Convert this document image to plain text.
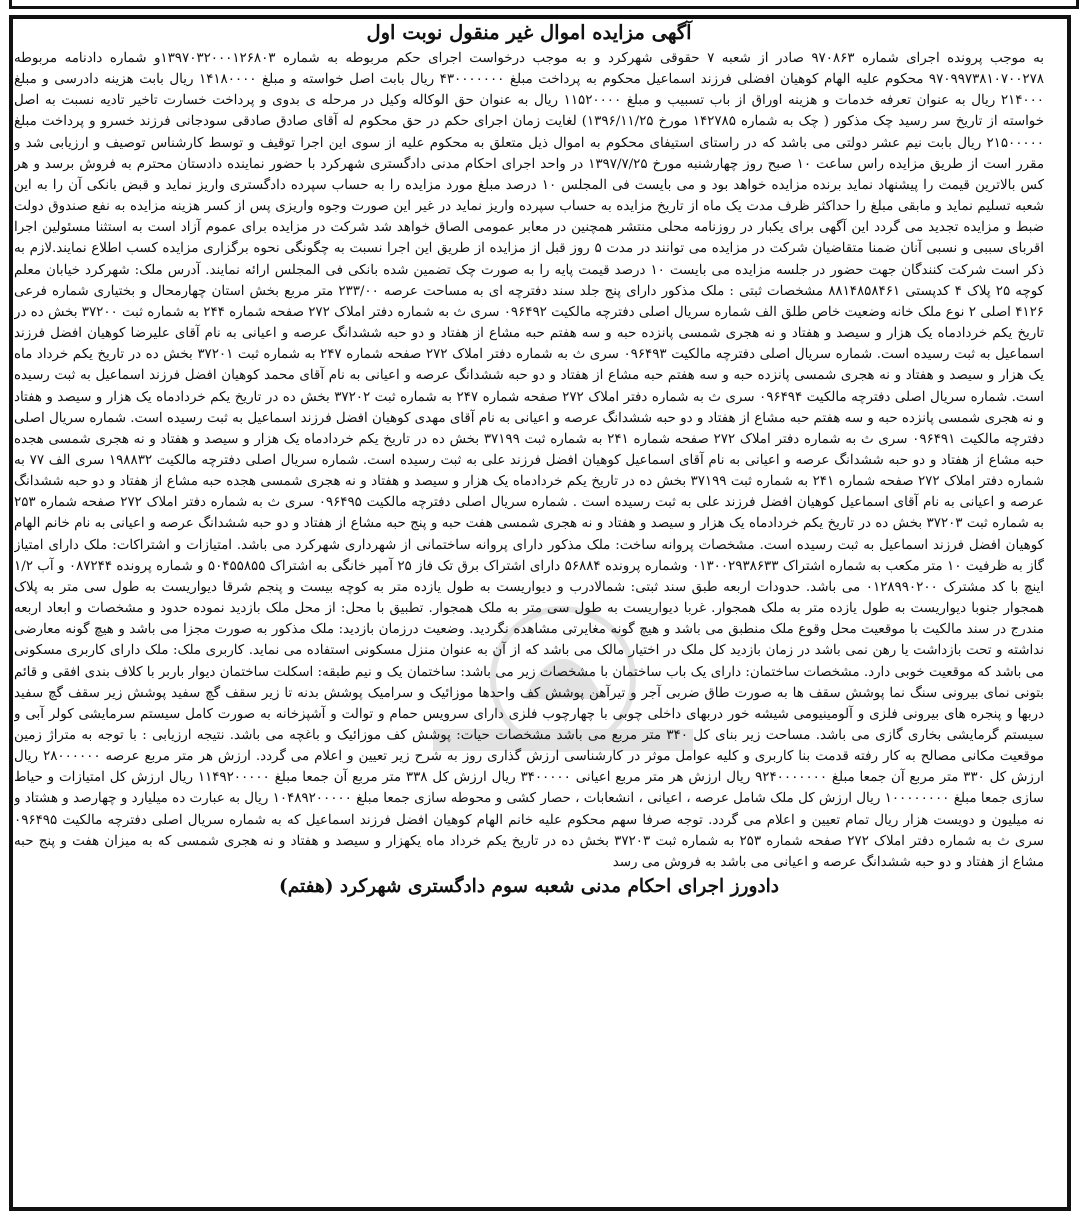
آگهی مزایده اموال غیر منقول نوبت اول

به موجب پرونده اجرای شماره ۹۷۰۸۶۳ صادر از شعبه ۷ حقوقی شهرکرد و به موجب درخواست اجرای حکم مربوطه به شماره ۱۳۹۷۰۳۲۰۰۰۱۲۶۸۰۳و شماره دادنامه مربوطه ۹۷۰۹۹۷۳۸۱۰۷۰۰۲۷۸ محکوم علیه الهام کوهیان افضلی فرزند اسماعیل محکوم به پرداخت مبلغ ۴۳۰۰۰۰۰۰۰ ریال بابت اصل خواسته و مبلغ ۱۴۱۸۰۰۰۰ ریال بابت هزینه دادرسی و مبلغ ۲۱۴۰۰۰ ریال به عنوان تعرفه خدمات و هزینه اوراق از باب تسبیب و مبلغ ۱۱۵۲۰۰۰۰ ریال به عنوان حق الوکاله وکیل در مرحله ی بدوی و پرداخت خسارت تاخیر تادیه نسبت به اصل خواسته از تاریخ سر رسید چک مذکور ( چک به شماره ۱۴۲۷۸۵ مورخ ۱۳۹۶/۱۱/۲۵) لغایت زمان اجرای حکم در حق محکوم له آقای صادق صادقی سودجانی فرزند خسرو و پرداخت مبلغ ۲۱۵۰۰۰۰۰ ریال بابت نیم عشر دولتی می باشد که در راستای استیفای محکوم به اموال ذیل متعلق به محکوم علیه از سوی این اجرا توقیف و توسط کارشناس توصیف و ارزیابی شد و مقرر است از طریق مزایده راس ساعت ۱۰ صبح روز چهارشنبه مورخ ۱۳۹۷/۷/۲۵ در واحد اجرای احکام مدنی دادگستری شهرکرد با حضور نماینده دادستان محترم به فروش برسد و هر کس بالاترین قیمت را پیشنهاد نماید برنده مزایده خواهد بود و می بایست فی المجلس ۱۰ درصد مبلغ مورد مزایده را به حساب سپرده دادگستری واریز نماید و قبض بانکی آن را به این شعبه تسلیم نماید و مابقی مبلغ را حداکثر ظرف مدت یک ماه از تاریخ مزایده به حساب سپرده واریز نماید در غیر این صورت وجوه واریزی پس از کسر هزینه مزایده به نفع صندوق دولت ضبط و مزایده تجدید می گردد این آگهی برای یکبار در روزنامه محلی منتشر همچنین در معابر عمومی الصاق خواهد شد شرکت در مزایده برای عموم آزاد است به استثنا مسئولین اجرا اقربای سببی و نسبی آنان ضمنا متقاضیان شرکت در مزایده می توانند در مدت ۵ روز قبل از مزایده از طریق این اجرا نسبت به چگونگی نحوه برگزاری مزایده کسب اطلاع نمایند.لازم به ذکر است شرکت کنندگان جهت حضور در جلسه مزایده می بایست ۱۰ درصد قیمت پایه را به صورت چک تضمین شده بانکی فی المجلس ارائه نمایند. آدرس ملک: شهرکرد خیابان معلم کوچه ۲۵ پلاک ۴ کدپستی ۸۸۱۴۸۵۸۴۶۱ مشخصات ثبتی : ملک مذکور دارای پنج جلد سند دفترچه ای به مساحت عرصه ۲۳۳/۰۰ متر مربع بخش استان چهارمحال و بختیاری شماره فرعی ۴۱۲۶ اصلی ۲ نوع ملک خانه وضعیت خاص طلق الف شماره سریال اصلی دفترچه مالکیت ۰۹۶۴۹۲ سری ث به شماره دفتر املاک ۲۷۲ صفحه شماره ۲۴۴ به شماره ثبت ۳۷۲۰۰ بخش ده در تاریخ یکم خردادماه یک هزار و سیصد و هفتاد و نه هجری شمسی پانزده حبه و سه هفتم حبه مشاع از هفتاد و دو حبه ششدانگ عرصه و اعیانی به نام آقای علیرضا کوهیان افضل فرزند اسماعیل به ثبت رسیده است. شماره سریال اصلی دفترچه مالکیت ۰۹۶۴۹۳ سری ث به شماره دفتر املاک ۲۷۲ صفحه شماره ۲۴۷ به شماره ثبت ۳۷۲۰۱ بخش ده در تاریخ یکم خرداد ماه یک هزار و سیصد و هفتاد و نه هجری شمسی پانزده حبه و سه هفتم حبه مشاع از هفتاد و دو حبه ششدانگ عرصه و اعیانی به نام آقای محمد کوهیان افضل فرزند اسماعیل به ثبت رسیده است. شماره سریال اصلی دفترچه مالکیت ۰۹۶۴۹۴ سری ث به شماره دفتر املاک ۲۷۲ صفحه شماره ۲۴۷ به شماره ثبت ۳۷۲۰۲ بخش ده در تاریخ یکم خردادماه یک هزار و سیصد و هفتاد و نه هجری شمسی پانزده حبه و سه هفتم حبه مشاع از هفتاد و دو حبه ششدانگ عرصه و اعیانی به نام آقای مهدی کوهیان افضل فرزند اسماعیل به ثبت رسیده است. شماره سریال اصلی دفترچه مالکیت ۰۹۶۴۹۱ سری ث به شماره دفتر املاک ۲۷۲ صفحه شماره ۲۴۱ به شماره ثبت ۳۷۱۹۹ بخش ده در تاریخ یکم خردادماه یک هزار و سیصد و هفتاد و نه هجری شمسی هجده حبه مشاع از هفتاد و دو حبه ششدانگ عرصه و اعیانی به نام آقای اسماعیل کوهیان افضل فرزند علی به ثبت رسیده است. شماره سریال اصلی دفترچه مالکیت ۱۹۸۸۳۲ سری الف ۷۷ به شماره دفتر املاک ۲۷۲ صفحه شماره ۲۴۱ به شماره ثبت ۳۷۱۹۹ بخش ده در تاریخ یکم خردادماه یک هزار و سیصد و هفتاد و نه هجری شمسی هجده حبه مشاع از هفتاد و دو حبه ششدانگ عرصه و اعیانی به نام آقای اسماعیل کوهیان افضل فرزند علی به ثبت رسیده است . شماره سریال اصلی دفترچه مالکیت ۰۹۶۴۹۵ سری ث به شماره دفتر املاک ۲۷۲ صفحه شماره ۲۵۳ به شماره ثبت ۳۷۲۰۳ بخش ده در تاریخ یکم خردادماه یک هزار و سیصد و هفتاد و نه هجری شمسی هفت حبه و پنج حبه مشاع از هفتاد و دو حبه ششدانگ عرصه و اعیانی به نام خانم الهام کوهیان افضل فرزند اسماعیل به ثبت رسیده است. مشخصات پروانه ساخت: ملک مذکور دارای پروانه ساختمانی از شهرداری شهرکرد می باشد. امتیازات و اشتراکات: ملک دارای امتیاز گاز به ظرفیت ۱۰ متر مکعب به شماره اشتراک ۰۱۳۰۰۲۹۳۸۶۳۳ وشماره پرونده ۵۶۸۸۴ دارای اشتراک برق تک فاز ۲۵ آمپر خانگی به اشتراک ۵۰۴۵۵۸۵۵ و شماره پرونده ۰۸۷۲۴۴ و آب ۱/۲ اینچ با کد مشترک ۰۱۲۸۹۹۰۲۰۰ می باشد. حدودات اربعه طبق سند ثبتی: شمالادرب و دیواریست به طول یازده متر به کوچه بیست و پنجم شرقا دیواریست به طول سی متر به پلاک همجوار جنوبا دیواریست به طول یازده متر به ملک همجوار. غربا دیواریست به طول سی متر به ملک همجوار. تطبیق با محل: از محل ملک بازدید نموده حدود و مشخصات و ابعاد اربعه مندرج در سند مالکیت با موقعیت محل وقوع ملک منطبق می باشد و هیچ گونه مغایرتی مشاهده نگردید. وضعیت درزمان بازدید: ملک مذکور به صورت مجزا می باشد و هیچ گونه معارضی نداشته و تحت بازداشت یا رهن نمی باشد در زمان بازدید کل ملک در اختیار مالک می باشد که از آن به عنوان منزل مسکونی استفاده می نماید. کاربری ملک: ملک دارای کاربری مسکونی می باشد که موقعیت خوبی دارد. مشخصات ساختمان: دارای یک باب ساختمان با مشخصات زیر می باشد: ساختمان یک و نیم طبقه: اسکلت ساختمان دیوار باربر با کلاف بندی افقی و قائم بتونی نمای بیرونی سنگ نما پوشش سقف ها به صورت طاق ضربی آجر و تیرآهن پوشش کف واحدها موزائیک و سرامیک پوشش بدنه تا زیر سقف گچ سفید پوشش زیر سقف گچ سفید دربها و پنجره های بیرونی فلزی و آلومینیومی شیشه خور دربهای داخلی چوبی با چهارچوب فلزی دارای سرویس حمام و توالت و آشپزخانه به صورت کامل سیستم سرمایشی کولر آبی و سیستم گرمایشی بخاری گازی می باشد. مساحت زیر بنای کل ۳۴۰ متر مربع می باشد مشخصات حیات: پوشش کف موزائیک و باغچه می باشد. نتیجه ارزیابی : با توجه به متراژ زمین موقعیت مکانی مصالح به کار رفته قدمت بنا کاربری و کلیه عوامل موثر در کارشناسی ارزش گذاری روز به شرح زیر تعیین و اعلام می گردد. ارزش هر متر مربع عرصه ۲۸۰۰۰۰۰۰ ریال ارزش کل ۳۳۰ متر مربع آن جمعا مبلغ ۹۲۴۰۰۰۰۰۰۰ ریال ارزش هر متر مربع اعیانی ۳۴۰۰۰۰۰ ریال ارزش کل ۳۳۸ متر مربع آن جمعا مبلغ ۱۱۴۹۲۰۰۰۰۰ ریال ارزش کل امتیازات و حیاط سازی جمعا مبلغ ۱۰۰۰۰۰۰۰۰ ریال ارزش کل ملک شامل عرصه ، اعیانی ، انشعابات ، حصار کشی و محوطه سازی جمعا مبلغ ۱۰۴۸۹۲۰۰۰۰۰ ریال به عبارت ده میلیارد و چهارصد و هشتاد و نه میلیون و دویست هزار ریال تمام تعیین و اعلام می گردد. توجه صرفا سهم محکوم علیه خانم الهام کوهیان افضل فرزند اسماعیل که به شماره سریال اصلی دفترچه مالکیت ۰۹۶۴۹۵ سری ث به شماره دفتر املاک ۲۷۲ صفحه شماره ۲۵۳ به شماره ثبت ۳۷۲۰۳ بخش ده در تاریخ یکم خرداد ماه یکهزار و سیصد و هفتاد و نه هجری شمسی که به میزان هفت و پنج حبه مشاع از هفتاد و دو حبه ششدانگ عرصه و اعیانی می باشد به فروش می رسد

دادورز اجرای احکام مدنی شعبه سوم دادگستری شهرکرد (هفتم)
